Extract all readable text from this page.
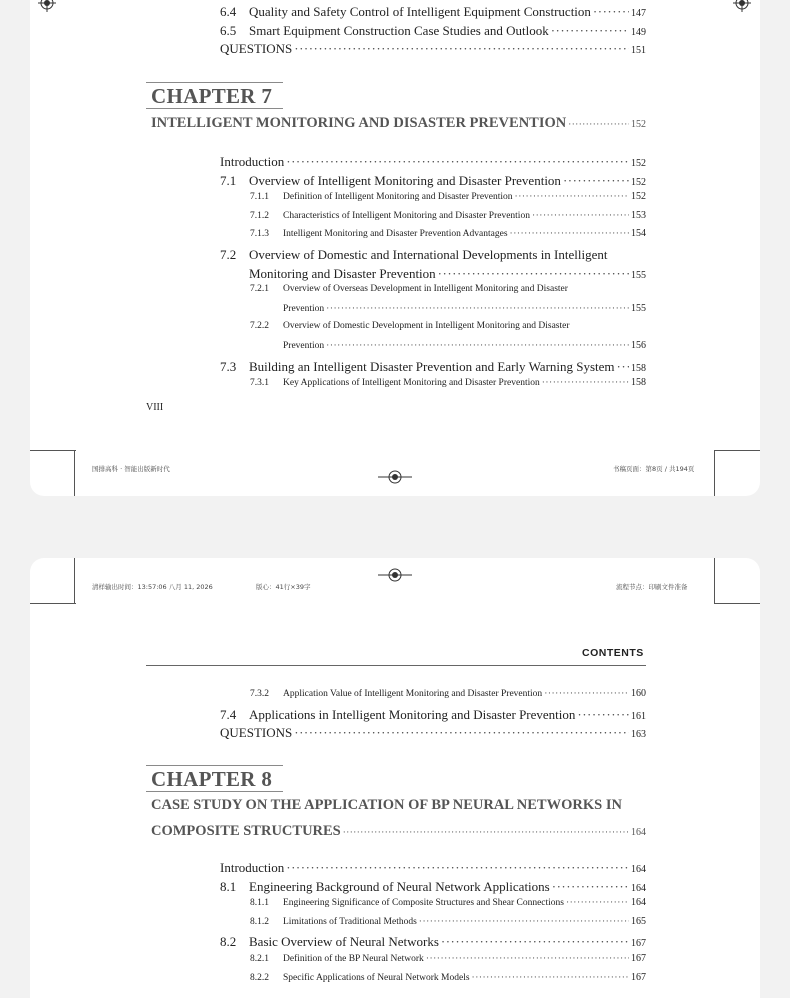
6.4 Quality and Safety Control of Intelligent Equipment Construction ·····	147
6.5 Smart Equipment Construction Case Studies and Outlook ·····	149
QUESTIONS ·····	151
CHAPTER 7
INTELLIGENT MONITORING AND DISASTER PREVENTION ·····	152
Introduction ·····	152
7.1 Overview of Intelligent Monitoring and Disaster Prevention ·····	152
7.1.1	Definition of Intelligent Monitoring and Disaster Prevention ·····	152
7.1.2	Characteristics of Intelligent Monitoring and Disaster Prevention ·····	153
7.1.3	Intelligent Monitoring and Disaster Prevention Advantages ·····	154
7.2 Overview of Domestic and International Developments in Intelligent
Monitoring and Disaster Prevention ·····	155
7.2.1	Overview of Overseas Development in Intelligent Monitoring and Disaster
Prevention ·····	155
7.2.2	Overview of Domestic Development in Intelligent Monitoring and Disaster
Prevention ·····	156
7.3 Building an Intelligent Disaster Prevention and Early Warning System ····· 158
7.3.1	Key Applications of Intelligent Monitoring and Disaster Prevention ·····	158
VIII
国排高科 · 智能出版新时代	书稿页面：第8页 / 共194页
清样输出时间：13:57:06 八月 11, 2026	版心：41行×39字	流程节点：印刷文件准备
CONTENTS
7.3.2	Application Value of Intelligent Monitoring and Disaster Prevention ·····	160
7.4 Applications in Intelligent Monitoring and Disaster Prevention ·····	161
QUESTIONS ·····	163
CHAPTER 8
CASE STUDY ON THE APPLICATION OF BP NEURAL NETWORKS IN
COMPOSITE STRUCTURES ·····	164
Introduction ·····	164
8.1 Engineering Background of Neural Network Applications ·····	164
8.1.1	Engineering Significance of Composite Structures and Shear Connections ·····	164
8.1.2	Limitations of Traditional Methods ·····	165
8.2 Basic Overview of Neural Networks ·····	167
8.2.1	Definition of the BP Neural Network ·····	167
8.2.2	Specific Applications of Neural Network Models ·····	167
